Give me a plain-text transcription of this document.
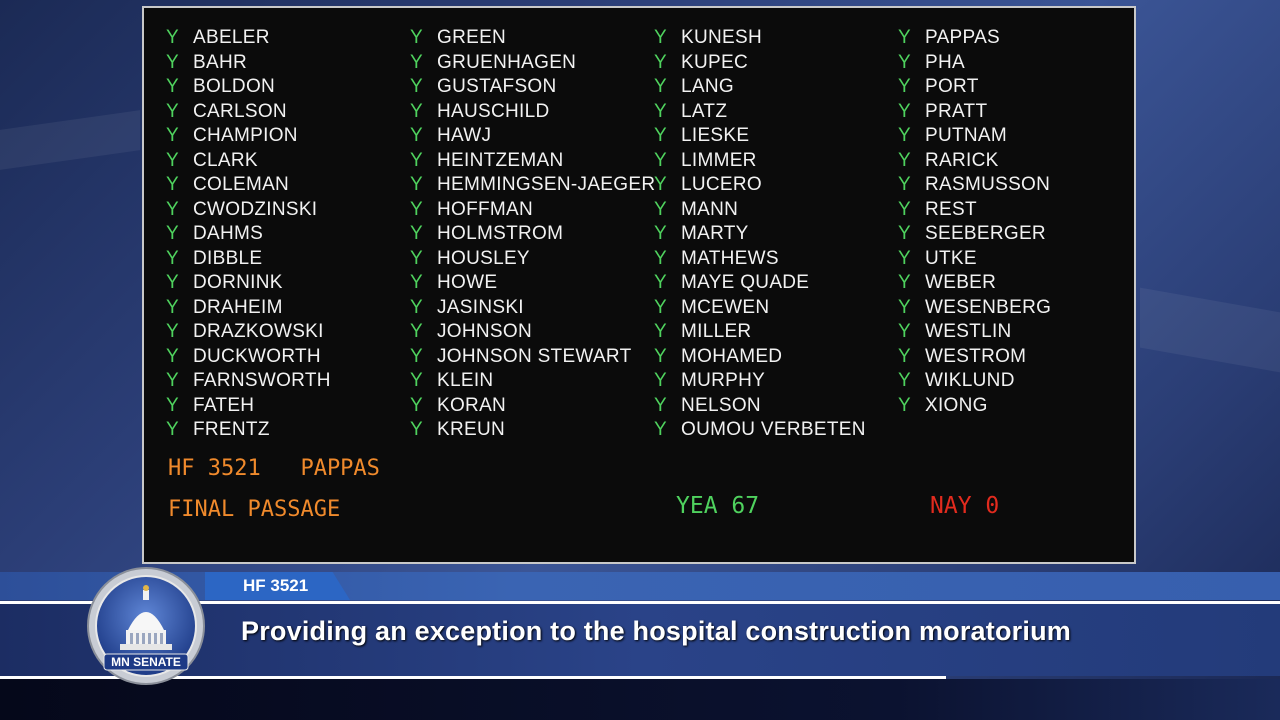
Y ABELER
Y BAHR
Y BOLDON
Y CARLSON
Y CHAMPION
Y CLARK
Y COLEMAN
Y CWODZINSKI
Y DAHMS
Y DIBBLE
Y DORNINK
Y DRAHEIM
Y DRAZKOWSKI
Y DUCKWORTH
Y FARNSWORTH
Y FATEH
Y FRENTZ
Y GREEN
Y GRUENHAGEN
Y GUSTAFSON
Y HAUSCHILD
Y HAWJ
Y HEINTZEMAN
Y HEMMINGSEN-JAEGER
Y HOFFMAN
Y HOLMSTROM
Y HOUSLEY
Y HOWE
Y JASINSKI
Y JOHNSON
Y JOHNSON STEWART
Y KLEIN
Y KORAN
Y KREUN
Y KUNESH
Y KUPEC
Y LANG
Y LATZ
Y LIESKE
Y LIMMER
Y LUCERO
Y MANN
Y MARTY
Y MATHEWS
Y MAYE QUADE
Y MCEWEN
Y MILLER
Y MOHAMED
Y MURPHY
Y NELSON
Y OUMOU VERBETEN
Y PAPPAS
Y PHA
Y PORT
Y PRATT
Y PUTNAM
Y RARICK
Y RASMUSSON
Y REST
Y SEEBERGER
Y UTKE
Y WEBER
Y WESENBERG
Y WESTLIN
Y WESTROM
Y WIKLUND
Y XIONG
HF 3521   PAPPAS
FINAL PASSAGE	YEA 67	NAY 0
HF 3521
Providing an exception to the hospital construction moratorium
MN SENATE
